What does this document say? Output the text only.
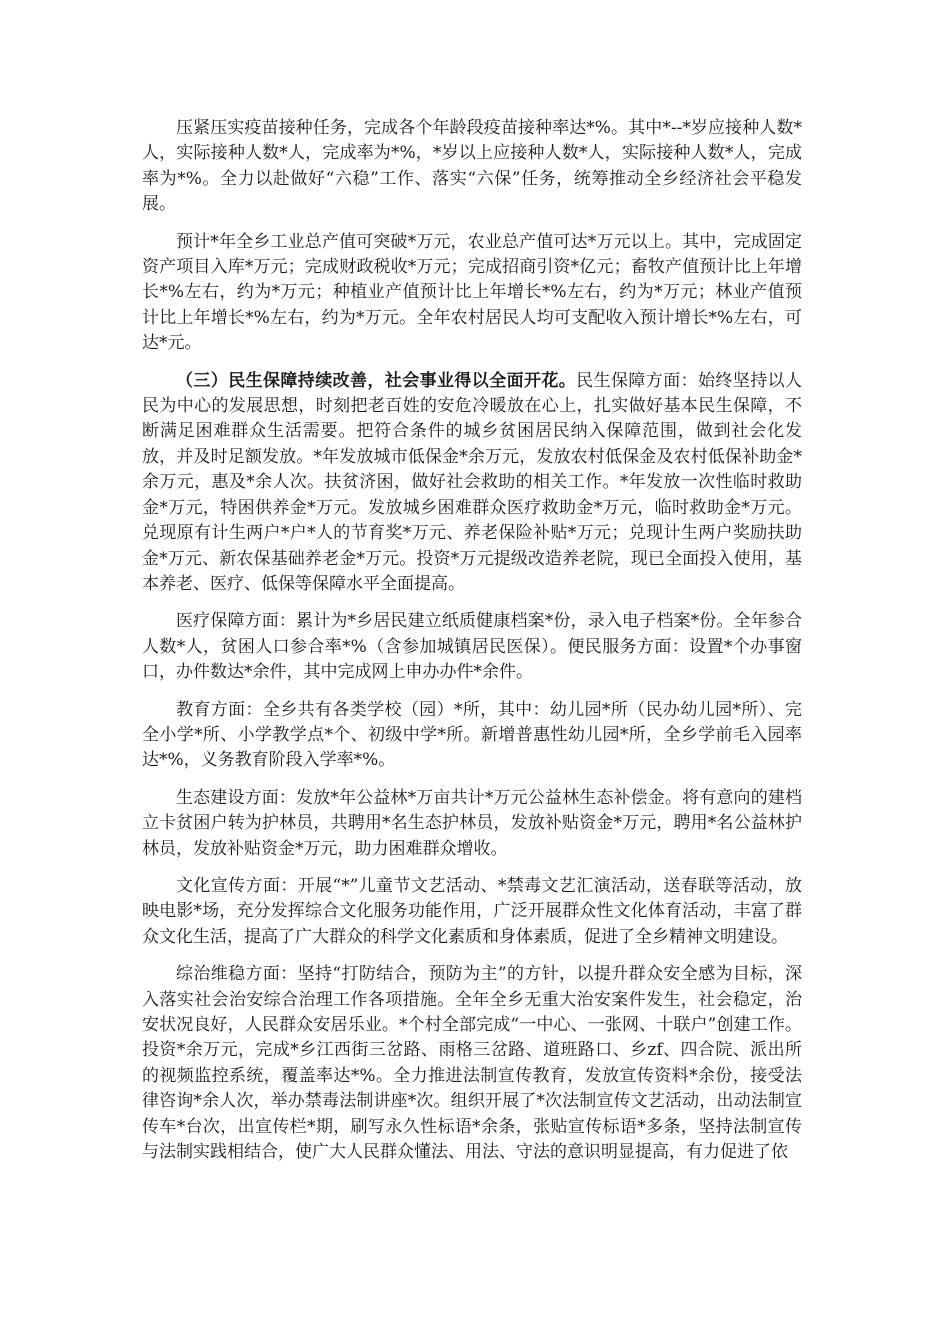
压紧压实疫苗接种任务，完成各个年龄段疫苗接种率达*%。其中*--*岁应接种人数*人，实际接种人数*人，完成率为*%，*岁以上应接种人数*人，实际接种人数*人，完成率为*%。全力以赴做好“六稳”工作、落实“六保”任务，统筹推动全乡经济社会平稳发展。

预计*年全乡工业总产值可突破*万元，农业总产值可达*万元以上。其中，完成固定资产项目入库*万元；完成财政税收*万元；完成招商引资*亿元；畜牧产值预计比上年增长*%左右，约为*万元；种植业产值预计比上年增长*%左右，约为*万元；林业产值预计比上年增长*%左右，约为*万元。全年农村居民人均可支配收入预计增长*%左右，可达*元。

（三）民生保障持续改善，社会事业得以全面开花。民生保障方面：始终坚持以人民为中心的发展思想，时刻把老百姓的安危冷暖放在心上，扎实做好基本民生保障，不断满足困难群众生活需要。把符合条件的城乡贫困居民纳入保障范围，做到社会化发放，并及时足额发放。*年发放城市低保金*余万元，发放农村低保金及农村低保补助金*余万元，惠及*余人次。扶贫济困，做好社会救助的相关工作。*年发放一次性临时救助金*万元，特困供养金*万元。发放城乡困难群众医疗救助金*万元，临时救助金*万元。兑现原有计生两户*户*人的节育奖*万元、养老保险补贴*万元；兑现计生两户奖励扶助金*万元、新农保基础养老金*万元。投资*万元提级改造养老院，现已全面投入使用，基本养老、医疗、低保等保障水平全面提高。

医疗保障方面：累计为*乡居民建立纸质健康档案*份，录入电子档案*份。全年参合人数*人，贫困人口参合率*%（含参加城镇居民医保）。便民服务方面：设置*个办事窗口，办件数达*余件，其中完成网上申办办件*余件。

教育方面：全乡共有各类学校（园）*所，其中：幼儿园*所（民办幼儿园*所）、完全小学*所、小学教学点*个、初级中学*所。新增普惠性幼儿园*所，全乡学前毛入园率达*%，义务教育阶段入学率*%。

生态建设方面：发放*年公益林*万亩共计*万元公益林生态补偿金。将有意向的建档立卡贫困户转为护林员，共聘用*名生态护林员，发放补贴资金*万元，聘用*名公益林护林员，发放补贴资金*万元，助力困难群众增收。

文化宣传方面：开展“*”儿童节文艺活动、*禁毒文艺汇演活动，送春联等活动，放映电影*场，充分发挥综合文化服务功能作用，广泛开展群众性文化体育活动，丰富了群众文化生活，提高了广大群众的科学文化素质和身体素质，促进了全乡精神文明建设。

综治维稳方面：坚持“打防结合，预防为主”的方针，以提升群众安全感为目标，深入落实社会治安综合治理工作各项措施。全年全乡无重大治安案件发生，社会稳定，治安状况良好，人民群众安居乐业。*个村全部完成“一中心、一张网、十联户”创建工作。投资*余万元，完成*乡江西街三岔路、雨格三岔路、道班路口、乡zf、四合院、派出所的视频监控系统，覆盖率达*%。全力推进法制宣传教育，发放宣传资料*余份，接受法律咨询*余人次，举办禁毒法制讲座*次。组织开展了*次法制宣传文艺活动，出动法制宣传车*台次，出宣传栏*期，刷写永久性标语*余条，张贴宣传标语*多条，坚持法制宣传与法制实践相结合，使广大人民群众懂法、用法、守法的意识明显提高，有力促进了依
